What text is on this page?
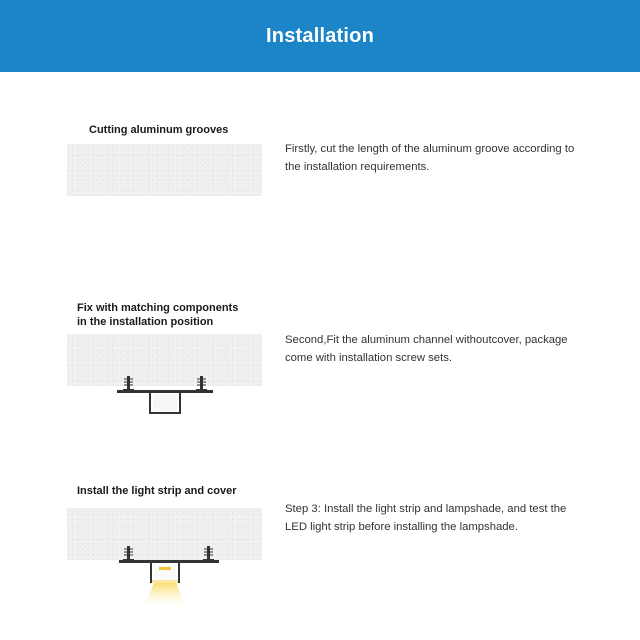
Installation
Cutting aluminum grooves
Firstly, cut the length of the aluminum groove according to the installation requirements.
Fix with matching components
in the installation position
Second,Fit the aluminum channel withoutcover, package come with installation screw sets.
Install the light strip and cover
Step 3: Install the light strip and lampshade, and test the LED light strip before installing the lampshade.
